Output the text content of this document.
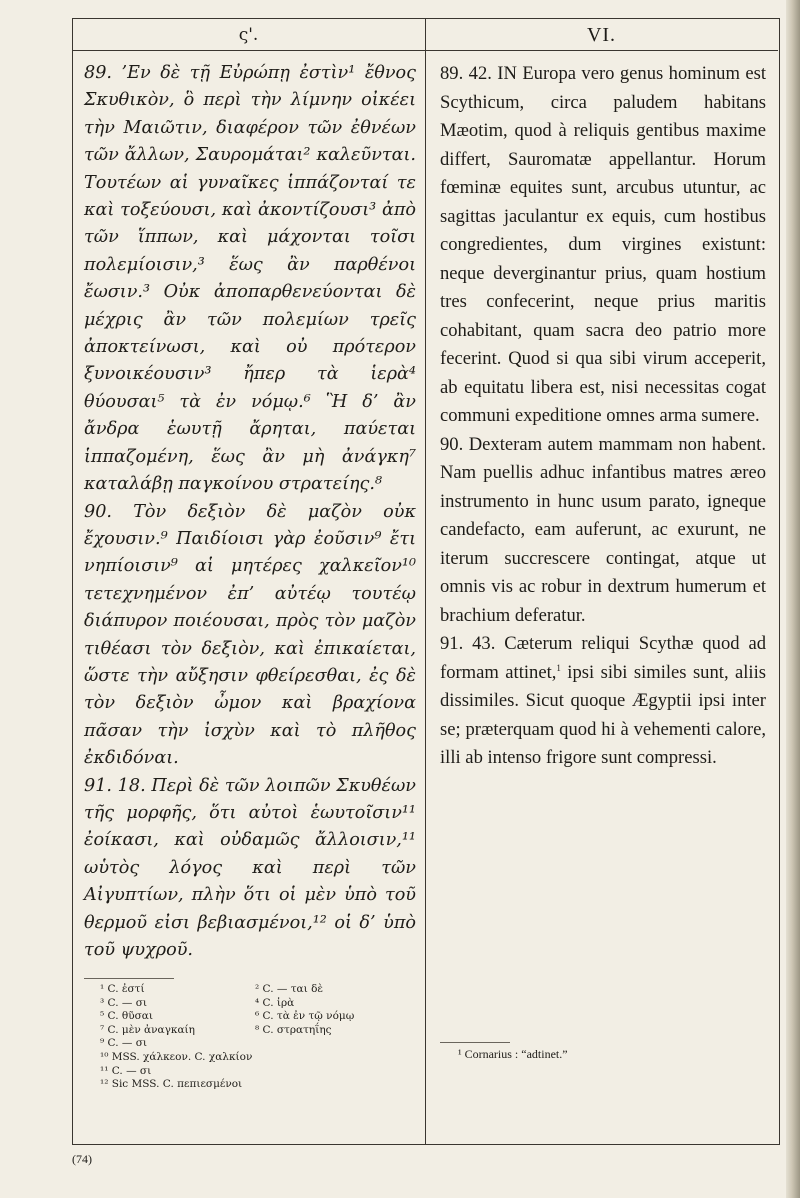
ς'.	VI.

89. ’Εν δὲ τῇ Εὐρώπῃ ἐστὶν¹ ἔθνος Σκυθικὸν, ὃ περὶ τὴν λίμνην οἰκέει τὴν Μαιῶτιν, διαφέρον τῶν ἐθνέων τῶν ἄλλων, Σαυρομάται² καλεῦνται. Τουτέων αἱ γυναῖκες ἱππάζονταί τε καὶ τοξεύουσι, καὶ ἀκοντίζουσι³ ἀπὸ τῶν ἵππων, καὶ μάχονται τοῖσι πολεμίοισιν,³ ἕως ἂν παρθένοι ἔωσιν.³ Οὐκ ἀποπαρθενεύονται δὲ μέχρις ἂν τῶν πολεμίων τρεῖς ἀποκτείνωσι, καὶ οὐ πρότερον ξυνοικέουσιν³ ἤπερ τὰ ἱερὰ⁴ θύουσαι⁵ τὰ ἐν νόμῳ.⁶ Ἣ δ’ ἂν ἄνδρα ἑωυτῇ ἄρηται, παύεται ἱππαζομένη, ἕως ἂν μὴ ἀνάγκη⁷ καταλάβῃ παγκοίνου στρατείης.⁸

90. Τὸν δεξιὸν δὲ μαζὸν οὐκ ἔχουσιν.⁹ Παιδίοισι γὰρ ἐοῦσιν⁹ ἔτι νηπίοισιν⁹ αἱ μητέρες χαλκεῖον¹⁰ τετεχνημένον ἐπ’ αὐτέῳ τουτέῳ διάπυρον ποιέουσαι, πρὸς τὸν μαζὸν τιθέασι τὸν δεξιὸν, καὶ ἐπικαίεται, ὥστε τὴν αὔξησιν φθείρεσθαι, ἐς δὲ τὸν δεξιὸν ὦμον καὶ βραχίονα πᾶσαν τὴν ἰσχὺν καὶ τὸ πλῆθος ἐκδιδόναι.

91. 18. Περὶ δὲ τῶν λοιπῶν Σκυθέων τῆς μορφῆς, ὅτι αὐτοὶ ἑωυτοῖσιν¹¹ ἐοίκασι, καὶ οὐδαμῶς ἄλλοισιν,¹¹ ωὑτὸς λόγος καὶ περὶ τῶν Αἰγυπτίων, πλὴν ὅτι οἱ μὲν ὑπὸ τοῦ θερμοῦ εἰσι βεβιασμένοι,¹² οἱ δ’ ὑπὸ τοῦ ψυχροῦ.

¹ C. ἐστί	² C. — ται δὲ
³ C. — σι	⁴ C. ἱρὰ
⁵ C. θῦσαι	⁶ C. τὰ ἐν τῷ νόμῳ
⁷ C. μὲν ἀναγκαίη	⁸ C. στρατηΐης
⁹ C. — σι
¹⁰ MSS. χάλκεον. C. χαλκίον
¹¹ C. — σι
¹² Sic MSS. C. πεπιεσμένοι

89. 42. IN Europa vero genus hominum est Scythicum, circa paludem habitans Mæotim, quod à reliquis gentibus maxime differt, Sauromatæ appellantur. Horum fœminæ equites sunt, arcubus utuntur, ac sagittas jaculantur ex equis, cum hostibus congredientes, dum virgines existunt: neque deverginantur prius, quam hostium tres confecerint, neque prius maritis cohabitant, quam sacra deo patrio more fecerint. Quod si qua sibi virum acceperit, ab equitatu libera est, nisi necessitas cogat communi expeditione omnes arma sumere.

90. Dexteram autem mammam non habent. Nam puellis adhuc infantibus matres æreo instrumento in hunc usum parato, igneque candefacto, eam auferunt, ac exurunt, ne iterum succrescere contingat, atque ut omnis vis ac robur in dextrum humerum et brachium deferatur.

91. 43. Cæterum reliqui Scythæ quod ad formam attinet,$^1$ ipsi sibi similes sunt, aliis dissimiles. Sicut quoque Ægyptii ipsi inter se; præterquam quod hi à vehementi calore, illi ab intenso frigore sunt compressi.

¹ Cornarius : “adtinet.”
(74)
